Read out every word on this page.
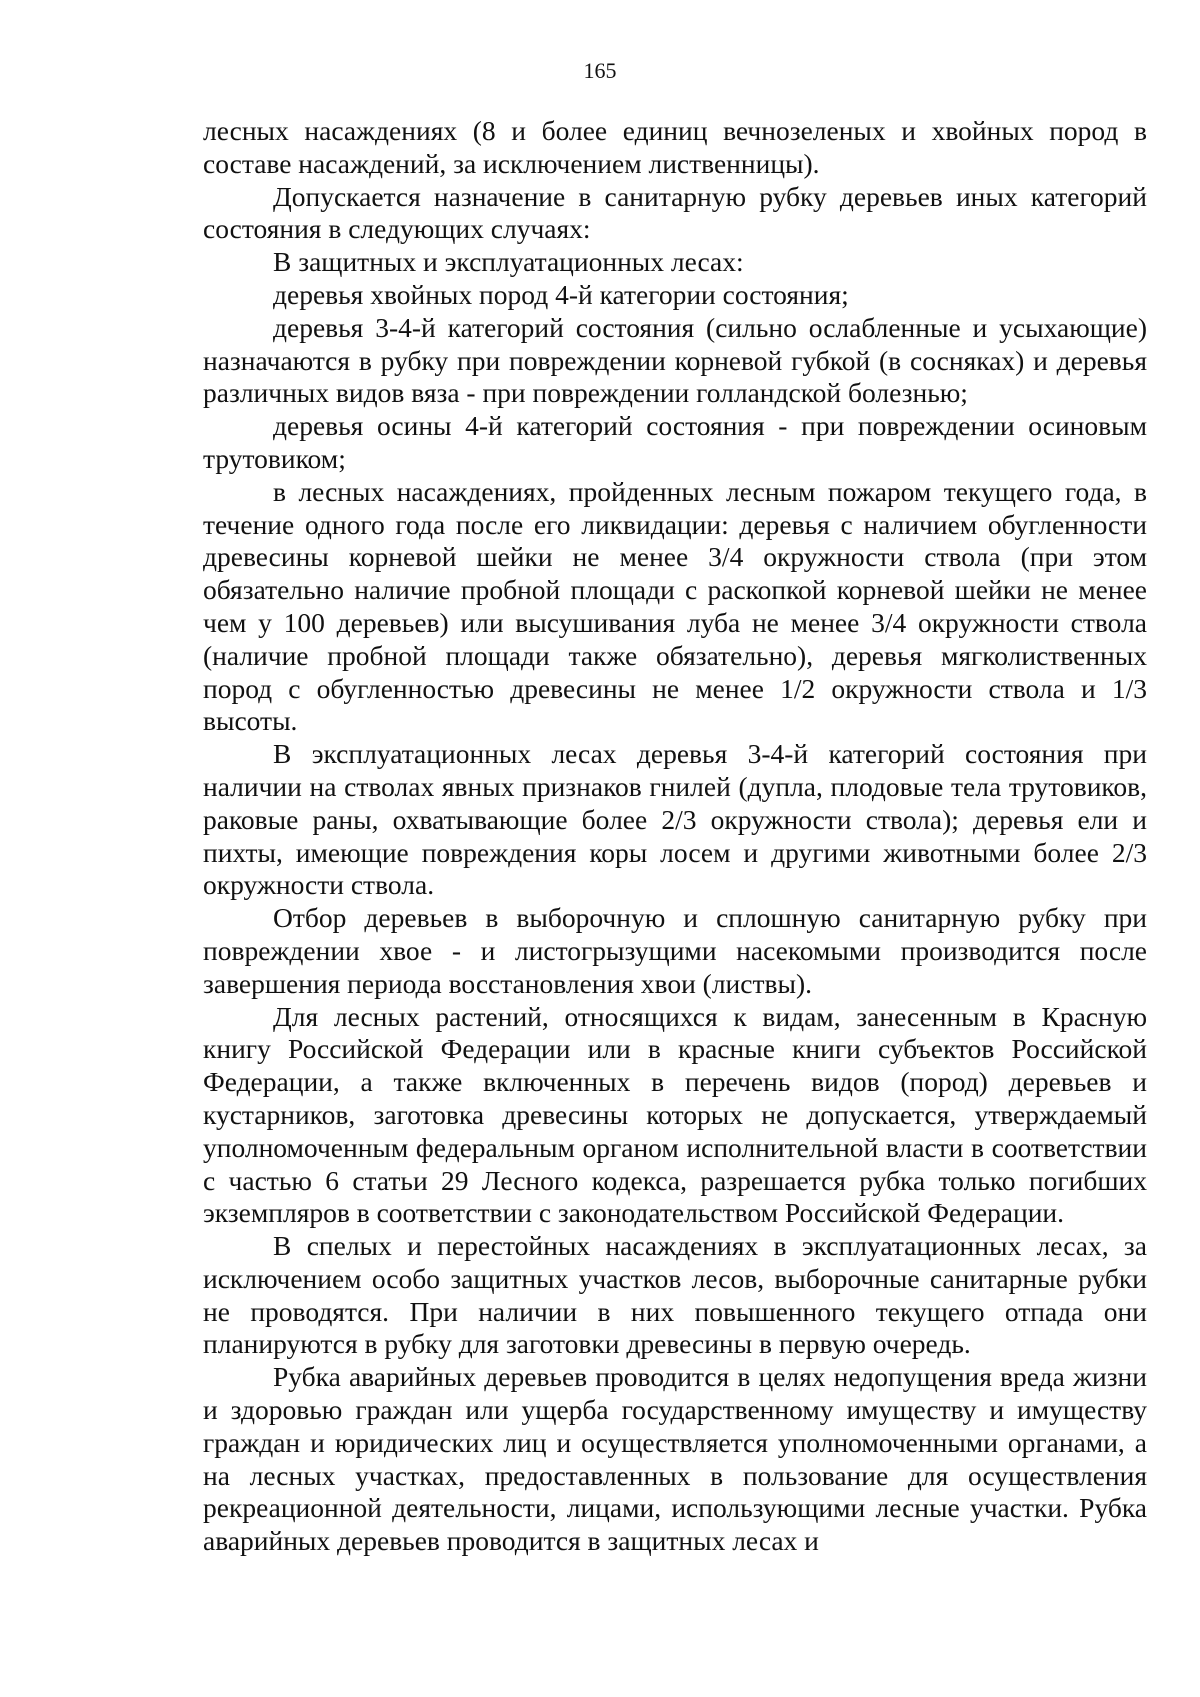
165

лесных насаждениях (8 и более единиц вечнозеленых и хвойных пород в составе насаждений, за исключением лиственницы).

Допускается назначение в санитарную рубку деревьев иных категорий состояния в следующих случаях:

В защитных и эксплуатационных лесах:

деревья хвойных пород 4-й категории состояния;

деревья 3-4-й категорий состояния (сильно ослабленные и усыхающие) назначаются в рубку при повреждении корневой губкой (в сосняках) и деревья различных видов вяза - при повреждении голландской болезнью;

деревья осины 4-й категорий состояния - при повреждении осиновым трутовиком;

в лесных насаждениях, пройденных лесным пожаром текущего года, в течение одного года после его ликвидации: деревья с наличием обугленности древесины корневой шейки не менее 3/4 окружности ствола (при этом обязательно наличие пробной площади с раскопкой корневой шейки не менее чем у 100 деревьев) или высушивания луба не менее 3/4 окружности ствола (наличие пробной площади также обязательно), деревья мягколиственных пород с обугленностью древесины не менее 1/2 окружности ствола и 1/3 высоты.

В эксплуатационных лесах деревья 3-4-й категорий состояния при наличии на стволах явных признаков гнилей (дупла, плодовые тела трутовиков, раковые раны, охватывающие более 2/3 окружности ствола); деревья ели и пихты, имеющие повреждения коры лосем и другими животными более 2/3 окружности ствола.

Отбор деревьев в выборочную и сплошную санитарную рубку при повреждении хвое - и листогрызущими насекомыми производится после завершения периода восстановления хвои (листвы).

Для лесных растений, относящихся к видам, занесенным в Красную книгу Российской Федерации или в красные книги субъектов Российской Федерации, а также включенных в перечень видов (пород) деревьев и кустарников, заготовка древесины которых не допускается, утверждаемый уполномоченным федеральным органом исполнительной власти в соответствии с частью 6 статьи 29 Лесного кодекса, разрешается рубка только погибших экземпляров в соответствии с законодательством Российской Федерации.

В спелых и перестойных насаждениях в эксплуатационных лесах, за исключением особо защитных участков лесов, выборочные санитарные рубки не проводятся. При наличии в них повышенного текущего отпада они планируются в рубку для заготовки древесины в первую очередь.

Рубка аварийных деревьев проводится в целях недопущения вреда жизни и здоровью граждан или ущерба государственному имуществу и имуществу граждан и юридических лиц и осуществляется уполномоченными органами, а на лесных участках, предоставленных в пользование для осуществления рекреационной деятельности, лицами, использующими лесные участки. Рубка аварийных деревьев проводится в защитных лесах и
